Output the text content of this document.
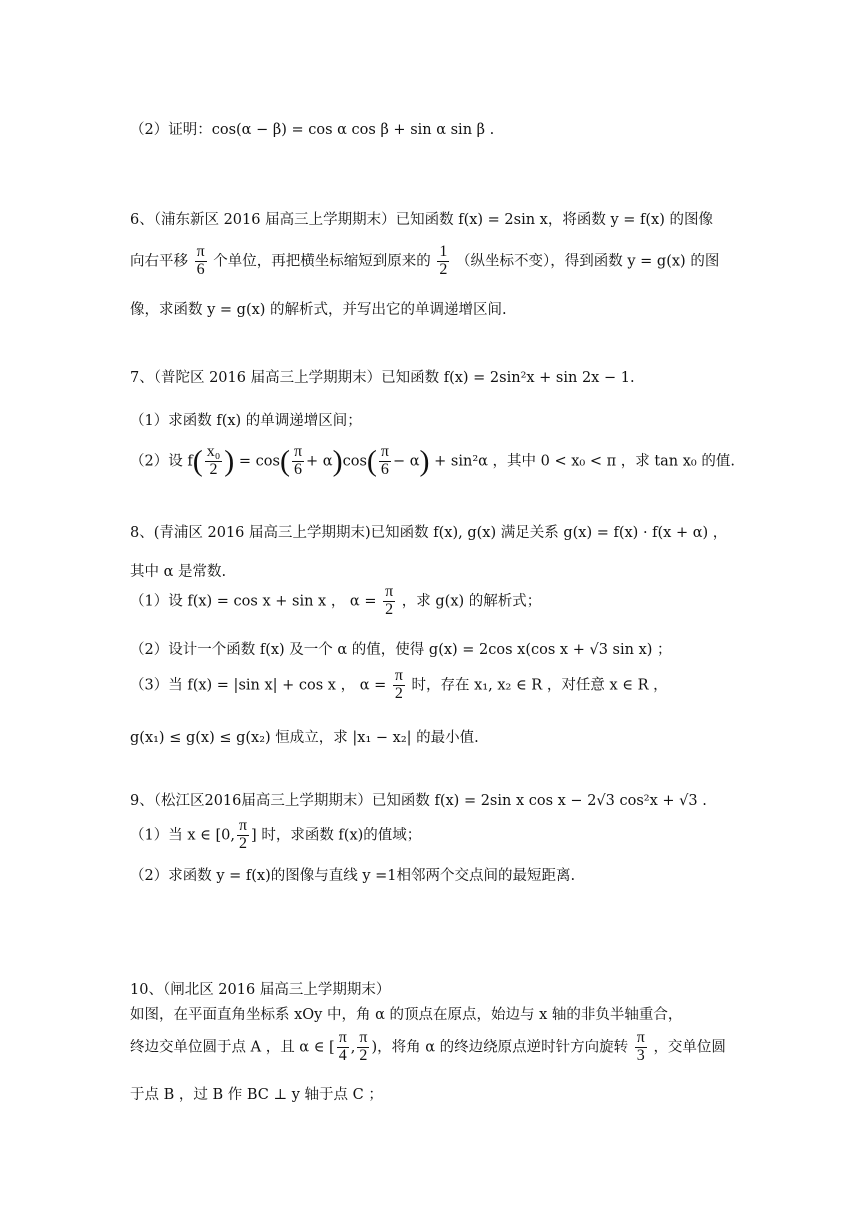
（2）证明：cos(α − β) = cos α cos β + sin α sin β .
6、（浦东新区 2016 届高三上学期期末）已知函数 f(x) = 2sin x，将函数 y = f(x) 的图像
向右平移 $\frac{\pi}{6}$ 个单位，再把横坐标缩短到原来的 $\frac{1}{2}$ （纵坐标不变），得到函数 y = g(x) 的图
像，求函数 y = g(x) 的解析式，并写出它的单调递增区间.
7、（普陀区 2016 届高三上学期期末）已知函数 f(x) = 2sin²x + sin 2x − 1.
（1）求函数 f(x) 的单调递增区间；
（2）设 $f( \frac{\text{x₀}}{2}$ ) = $\cos( \frac{\pi}{6} + \alpha)\cos( \frac{\pi}{6} - \alpha) + \sin^2\alpha$ ，其中 0 < x₀ < π ，求 tan x₀ 的值.
8、(青浦区 2016 届高三上学期期末)已知函数 f(x), g(x) 满足关系 g(x) = f(x) · f(x + α) ，
其中 α 是常数.
（1）设 f(x) = cos x + sin x ， $\alpha = \frac{\pi}{2}$ ，求 g(x) 的解析式；
（2）设计一个函数 f(x) 及一个 α 的值，使得 g(x) = 2cos x(cos x + √3 sin x) ；
（3）当 f(x) = |sin x| + cos x ， $\alpha = \frac{\pi}{2}$ 时，存在 x₁, x₂ ∈ R ，对任意 x ∈ R ，
g(x₁) ≤ g(x) ≤ g(x₂) 恒成立，求 |x₁ − x₂| 的最小值.
9、（松江区2016届高三上学期期末）已知函数 f(x) = 2sin x cos x − 2√3 cos²x + √3 .
（1）当 x ∈ [0, $\frac{\pi}{2}$ ] 时，求函数 f(x)的值域；
（2）求函数 y = f(x)的图像与直线 y =1相邻两个交点间的最短距离.
10、（闸北区 2016 届高三上学期期末）
如图，在平面直角坐标系 xOy 中，角 α 的顶点在原点，始边与 x 轴的非负半轴重合，
终边交单位圆于点 A ，且 α ∈ [ $\frac{\pi}{4}$ , $\frac{\pi}{2}$ )，将角 α 的终边绕原点逆时针方向旋转 $\frac{\pi}{3}$ ，交单位圆
于点 B ，过 B 作 BC ⊥ y 轴于点 C ；
